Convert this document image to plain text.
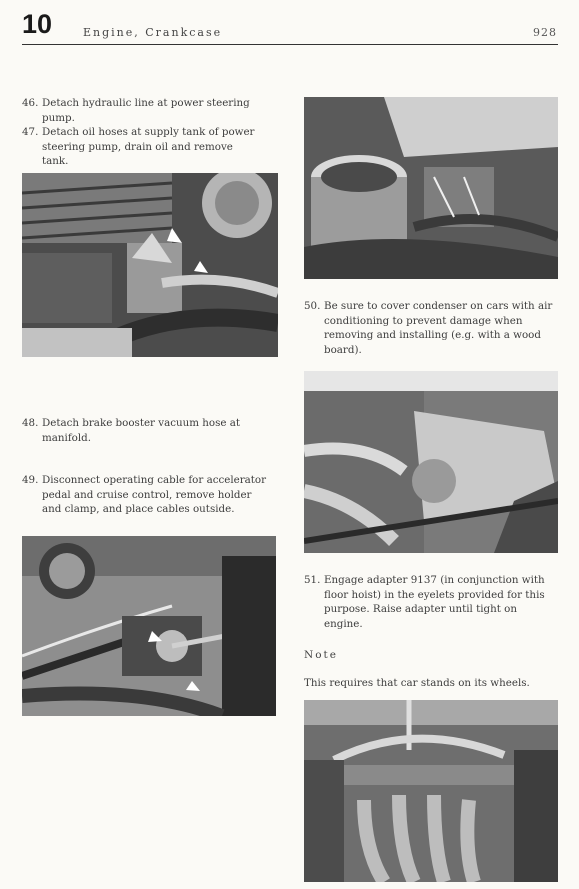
10	Engine, Crankcase	928
46. Detach hydraulic line at power steering pump.
47. Detach oil hoses at supply tank of power steering pump, drain oil and remove tank.
48. Detach brake booster vacuum hose at manifold.
49. Disconnect operating cable for accelerator pedal and cruise control, remove holder and clamp, and place cables outside.
50. Be sure to cover condenser on cars with air conditioning to prevent damage when removing and installing (e.g. with a wood board).
51. Engage adapter 9137 (in conjunction with floor hoist) in the eyelets provided for this purpose. Raise adapter until tight on engine.
Note
This requires that car stands on its wheels.
